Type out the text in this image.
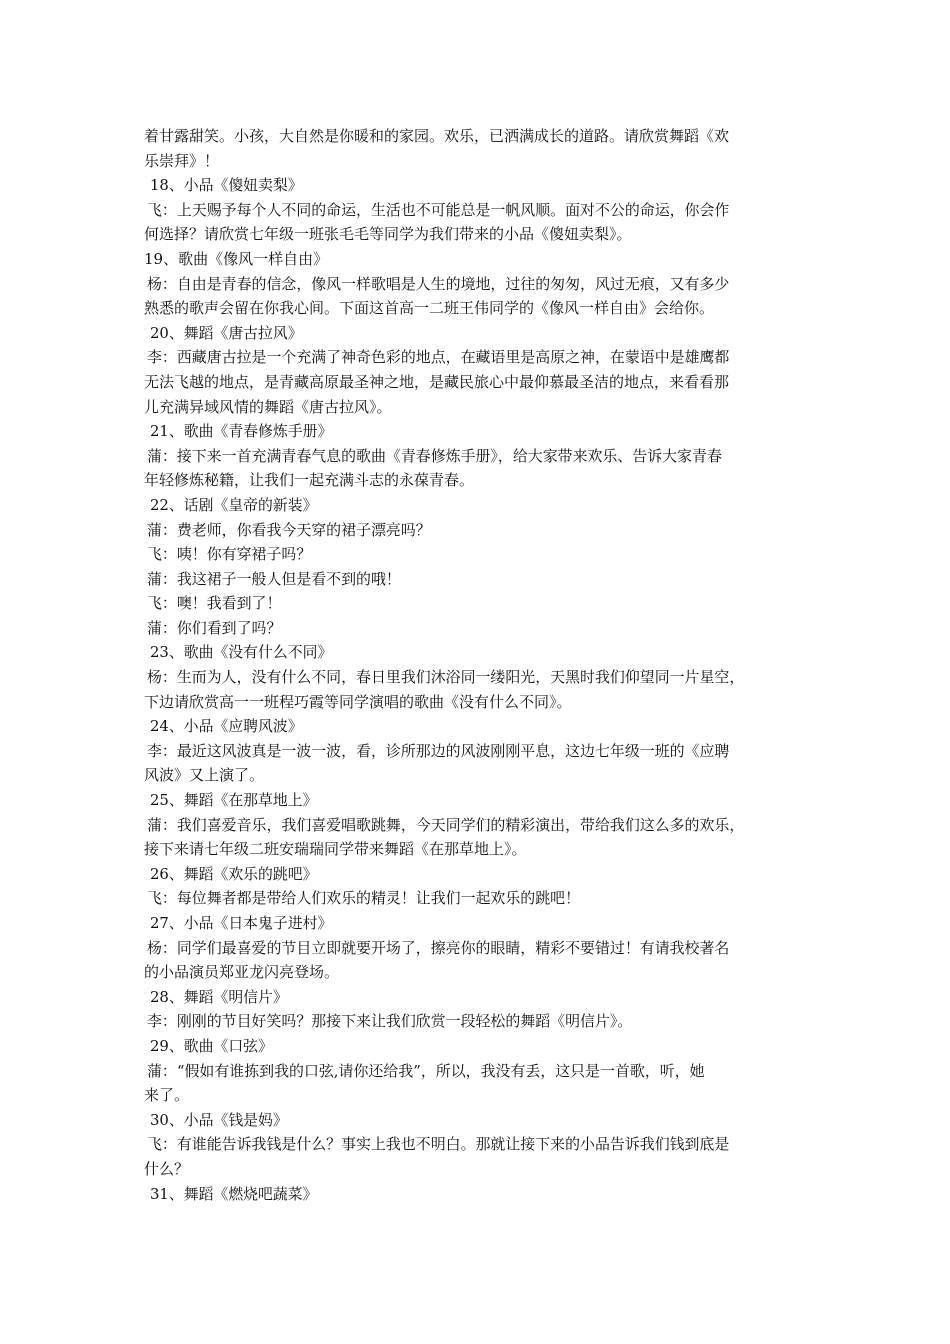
着甘露甜笑。小孩，大自然是你暖和的家园。欢乐，已洒满成长的道路。请欣赏舞蹈《欢

乐崇拜》！

18、小品《傻妞卖梨》

飞：上天赐予每个人不同的命运，生活也不可能总是一帆风顺。面对不公的命运，你会作

何选择？请欣赏七年级一班张毛毛等同学为我们带来的小品《傻妞卖梨》。

19、歌曲《像风一样自由》

杨：自由是青春的信念，像风一样歌唱是人生的境地，过往的匆匆，风过无痕，又有多少

熟悉的歌声会留在你我心间。下面这首高一二班王伟同学的《像风一样自由》会给你。

20、舞蹈《唐古拉风》

李：西藏唐古拉是一个充满了神奇色彩的地点，在藏语里是高原之神，在蒙语中是雄鹰都

无法飞越的地点，是青藏高原最圣神之地，是藏民旅心中最仰慕最圣洁的地点，来看看那

儿充满异域风情的舞蹈《唐古拉风》。

21、歌曲《青春修炼手册》

蒲：接下来一首充满青春气息的歌曲《青春修炼手册》，给大家带来欢乐、告诉大家青春

年轻修炼秘籍，让我们一起充满斗志的永葆青春。

22、话剧《皇帝的新装》

蒲：费老师，你看我今天穿的裙子漂亮吗？

飞：咦！你有穿裙子吗？

蒲：我这裙子一般人但是看不到的哦！

飞：噢！我看到了！

蒲：你们看到了吗？

23、歌曲《没有什么不同》

杨：生而为人，没有什么不同，春日里我们沐浴同一缕阳光，天黑时我们仰望同一片星空，

下边请欣赏高一一班程巧霞等同学演唱的歌曲《没有什么不同》。

24、小品《应聘风波》

李：最近这风波真是一波一波，看，诊所那边的风波刚刚平息，这边七年级一班的《应聘

风波》又上演了。

25、舞蹈《在那草地上》

蒲：我们喜爱音乐，我们喜爱唱歌跳舞，今天同学们的精彩演出，带给我们这么多的欢乐，

接下来请七年级二班安瑞瑞同学带来舞蹈《在那草地上》。

26、舞蹈《欢乐的跳吧》

飞：每位舞者都是带给人们欢乐的精灵！让我们一起欢乐的跳吧！

27、小品《日本鬼子进村》

杨：同学们最喜爱的节目立即就要开场了，擦亮你的眼睛，精彩不要错过！有请我校著名

的小品演员郑亚龙闪亮登场。

28、舞蹈《明信片》

李：刚刚的节目好笑吗？那接下来让我们欣赏一段轻松的舞蹈《明信片》。

29、歌曲《口弦》

蒲：“假如有谁拣到我的口弦,请你还给我”，所以，我没有丢，这只是一首歌，听，她

来了。

30、小品《钱是妈》

飞：有谁能告诉我钱是什么？事实上我也不明白。那就让接下来的小品告诉我们钱到底是

什么？

31、舞蹈《燃烧吧蔬菜》
